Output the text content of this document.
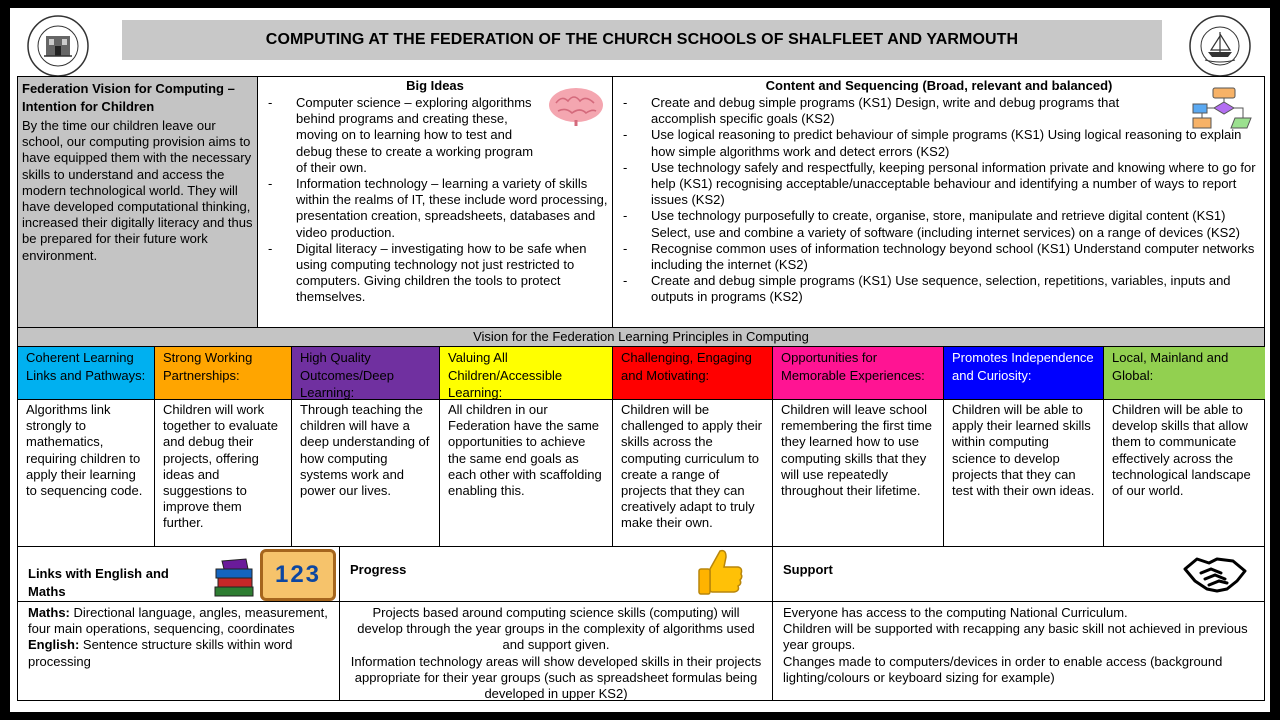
COMPUTING AT THE FEDERATION OF THE CHURCH SCHOOLS OF SHALFLEET AND YARMOUTH
Federation Vision for Computing – Intention for Children
By the time our children leave our school, our computing provision aims to have equipped them with the necessary skills to understand and access the modern technological world. They will have developed computational thinking, increased their digitally literacy and thus be prepared for their future work environment.
Big Ideas
- Computer science – exploring algorithms behind programs and creating these, moving on to learning how to test and debug these to create a working program of their own.
- Information technology – learning a variety of skills within the realms of IT, these include word processing, presentation creation, spreadsheets, databases and video production.
- Digital literacy – investigating how to be safe when using computing technology not just restricted to computers. Giving children the tools to protect themselves.
Content and Sequencing (Broad, relevant and balanced)
- Create and debug simple programs (KS1) Design, write and debug programs that accomplish specific goals (KS2)
- Use logical reasoning to predict behaviour of simple programs (KS1) Using logical reasoning to explain how simple algorithms work and detect errors (KS2)
- Use technology safely and respectfully, keeping personal information private and knowing where to go for help (KS1) recognising acceptable/unacceptable behaviour and identifying a number of ways to report issues (KS2)
- Use technology purposefully to create, organise, store, manipulate and retrieve digital content (KS1) Select, use and combine a variety of software (including internet services) on a range of devices (KS2)
- Recognise common uses of information technology beyond school (KS1) Understand computer networks including the internet (KS2)
- Create and debug simple programs (KS1) Use sequence, selection, repetitions, variables, inputs and outputs in programs (KS2)
Vision for the Federation Learning Principles in Computing
Coherent Learning Links and Pathways:
Algorithms link strongly to mathematics, requiring children to apply their learning to sequencing code.
Strong Working Partnerships:
Children will work together to evaluate and debug their projects, offering ideas and suggestions to improve them further.
High Quality Outcomes/Deep Learning:
Through teaching the children will have a deep understanding of how computing systems work and power our lives.
Valuing All Children/Accessible Learning:
All children in our Federation have the same opportunities to achieve the same end goals as each other with scaffolding enabling this.
Challenging, Engaging and Motivating:
Children will be challenged to apply their skills across the computing curriculum to create a range of projects that they can creatively adapt to truly make their own.
Opportunities for Memorable Experiences:
Children will leave school remembering the first time they learned how to use computing skills that they will use repeatedly throughout their lifetime.
Promotes Independence and Curiosity:
Children will be able to apply their learned skills within computing science to develop projects that they can test with their own ideas.
Local, Mainland and Global:
Children will be able to develop skills that allow them to communicate effectively across the technological landscape of our world.
Links with English and Maths
123
Maths: Directional language, angles, measurement, four main operations, sequencing, coordinates
English: Sentence structure skills within word processing
Progress
Projects based around computing science skills (computing) will develop through the year groups in the complexity of algorithms used and support given.
Information technology areas will show developed skills in their projects appropriate for their year groups (such as spreadsheet formulas being developed in upper KS2)
Support
Everyone has access to the computing National Curriculum.
Children will be supported with recapping any basic skill not achieved in previous year groups.
Changes made to computers/devices in order to enable access (background lighting/colours or keyboard sizing for example)
